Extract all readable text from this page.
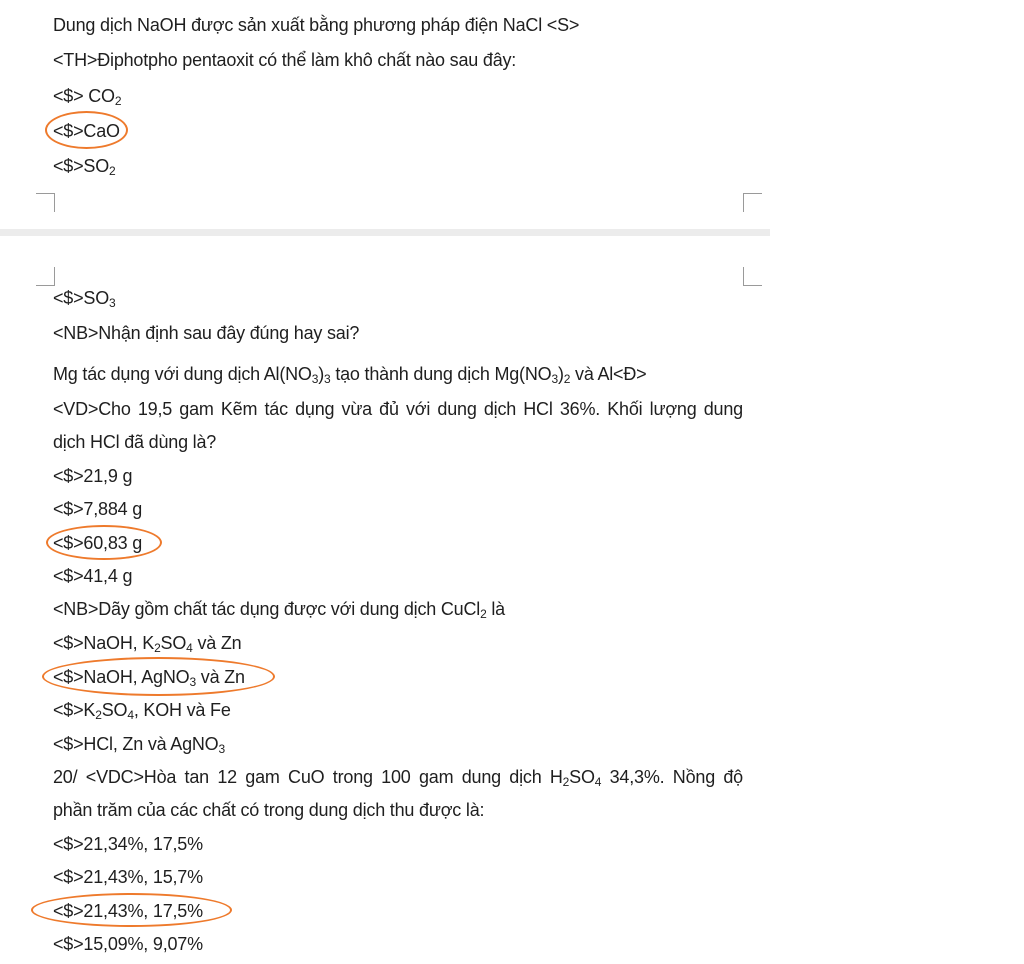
Dung dịch NaOH được sản xuất bằng phương pháp điện NaCl <S>
<TH>Điphotpho pentaoxit có thể làm khô chất nào sau đây:
<$> $CO_2$
<$>CaO
$<\$>SO_2$
$<\$>SO_3$
<NB>Nhận định sau đây đúng hay sai?
Mg tác dụng với dung dịch $Al(NO_3)_3$ tạo thành dung dịch $Mg(NO_3)_2$ và Al<Đ>
<VD>Cho 19,5 gam Kẽm tác dụng vừa đủ với dung dịch HCl 36%. Khối lượng dung
dịch HCl đã dùng là?
<$>21,9 g
<$>7,884 g
<$>60,83 g
<$>41,4 g
<NB>Dãy gồm chất tác dụng được với dung dịch CuCl$_2$ là
<$>NaOH, $K_2SO_4$ và Zn
<$>NaOH, AgNO$_3$ và Zn
$<\$>K_2SO_4$, KOH và Fe
<$>HCl, Zn và AgNO$_3$
20/ <VDC>Hòa tan 12 gam CuO trong 100 gam dung dịch $H_2SO_4$ 34,3%. Nồng độ
phần trăm của các chất có trong dung dịch thu được là:
<$>21,34%, 17,5%
<$>21,43%, 15,7%
<$>21,43%, 17,5%
<$>15,09%, 9,07%
